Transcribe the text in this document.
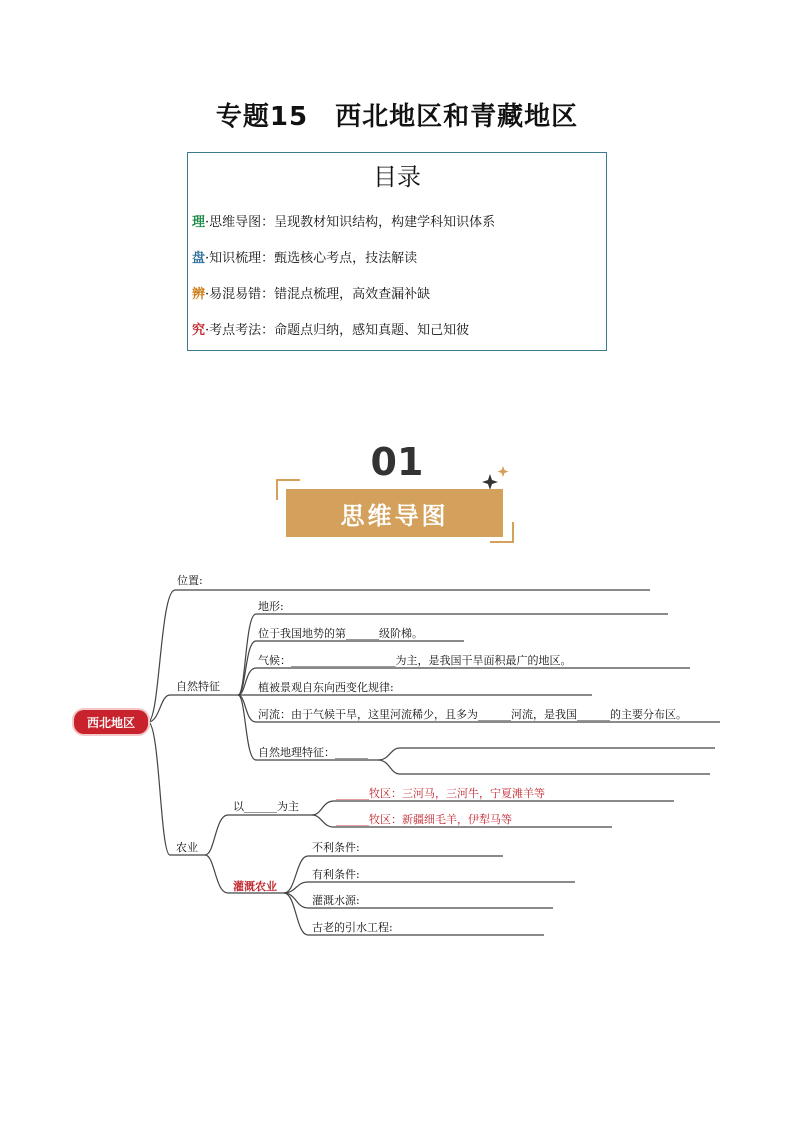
专题15　西北地区和青藏地区
目录
理·思维导图：呈现教材知识结构，构建学科知识体系
盘·知识梳理：甄选核心考点，技法解读
辨·易混易错：错混点梳理，高效查漏补缺
究·考点考法：命题点归纳，感知真题、知己知彼
01
思维导图
西北地区
位置:
自然特征
地形:
位于我国地势的第______级阶梯。
气候：___________________为主，是我国干旱面积最广的地区。
植被景观自东向西变化规律:
河流：由于气候干旱，这里河流稀少，且多为______河流，是我国______的主要分布区。
自然地理特征：______
农业
以______为主
______牧区：三河马，三河牛，宁夏滩羊等
______牧区：新疆细毛羊，伊犁马等
灌溉农业
不利条件:
有利条件:
灌溉水源:
古老的引水工程:
